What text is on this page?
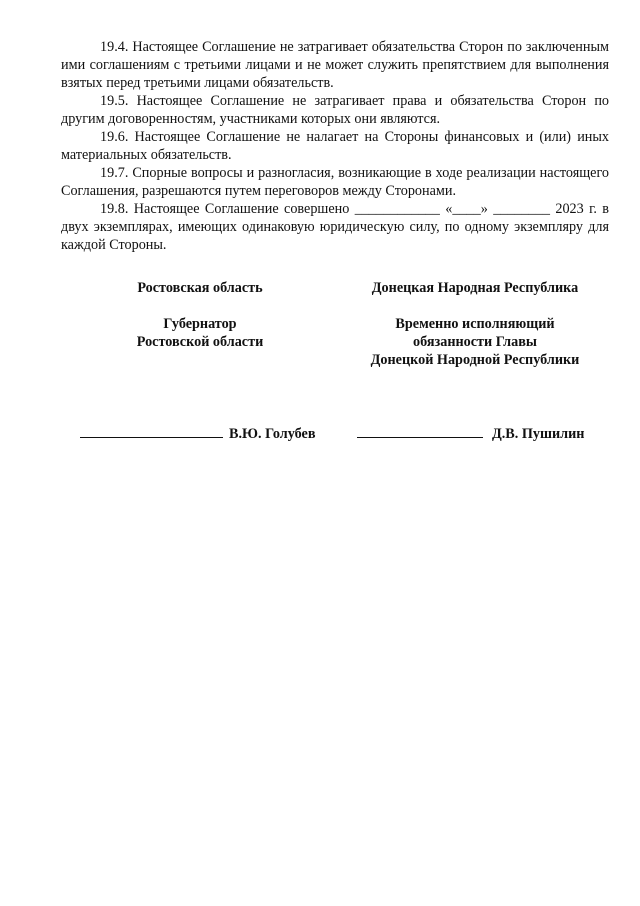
19.4. Настоящее Соглашение не затрагивает обязательства Сторон по заключенным ими соглашениям с третьими лицами и не может служить препятствием для выполнения взятых перед третьими лицами обязательств.

19.5. Настоящее Соглашение не затрагивает права и обязательства Сторон по другим договоренностям, участниками которых они являются.

19.6. Настоящее Соглашение не налагает на Стороны финансовых и (или) иных материальных обязательств.

19.7. Спорные вопросы и разногласия, возникающие в ходе реализации настоящего Соглашения, разрешаются путем переговоров между Сторонами.

19.8. Настоящее Соглашение совершено ____________ «____» ________ 2023 г. в двух экземплярах, имеющих одинаковую юридическую силу, по одному экземпляру для каждой Стороны.

Ростовская область
Губернатор
Ростовской области
Донецкая Народная Республика
Временно исполняющий
обязанности Главы
Донецкой Народной Республики
В.Ю. Голубев	Д.В. Пушилин
